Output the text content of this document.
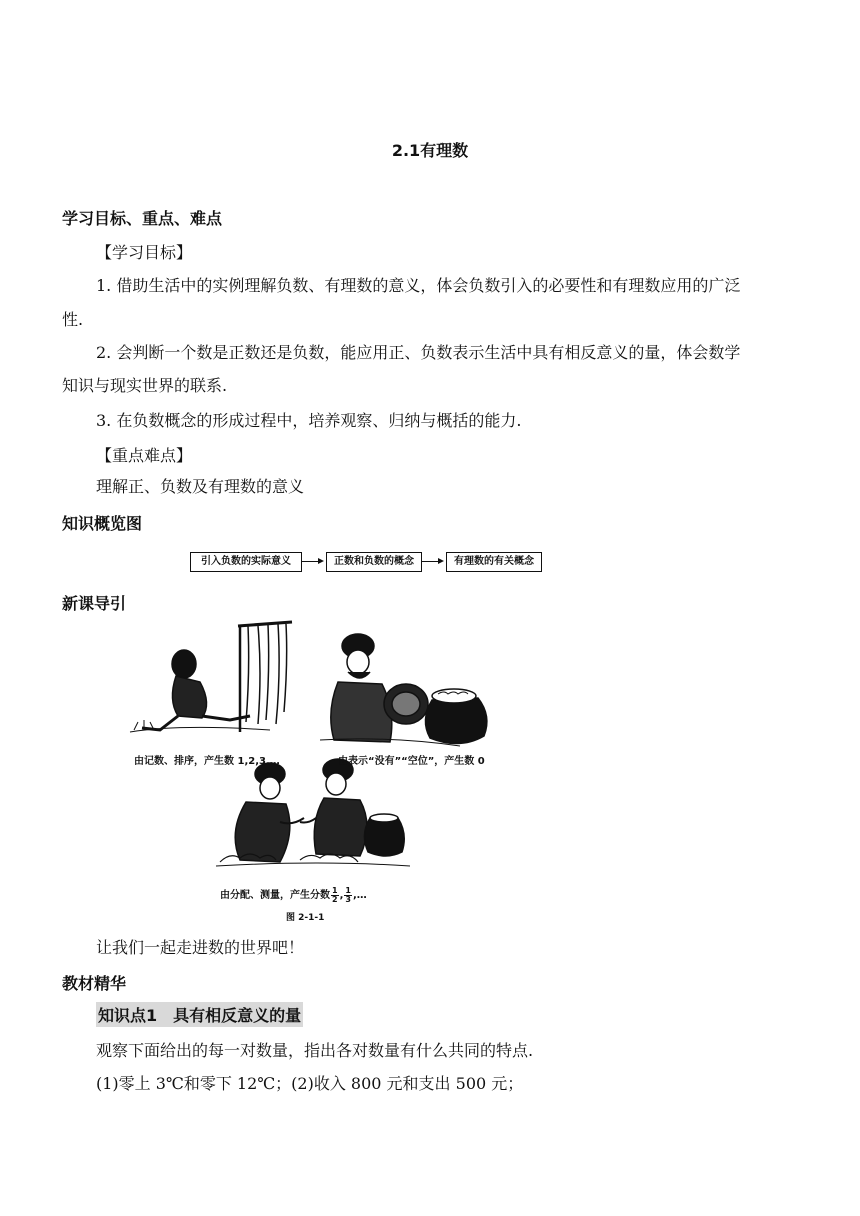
2.1有理数
学习目标、重点、难点
【学习目标】
1. 借助生活中的实例理解负数、有理数的意义，体会负数引入的必要性和有理数应用的广泛
性.
2. 会判断一个数是正数还是负数，能应用正、负数表示生活中具有相反意义的量，体会数学
知识与现实世界的联系.
3. 在负数概念的形成过程中，培养观察、归纳与概括的能力.
【重点难点】
理解正、负数及有理数的意义
知识概览图
引入负数的实际意义	正数和负数的概念	有理数的有关概念
新课导引
由记数、排序，产生数 1,2,3,…	由表示“没有”“空位”，产生数 0
由分配、测量，产生分数 $\frac{1}{2}$ , $\frac{1}{3}$ ,…
图 2-1-1
让我们一起走进数的世界吧！
教材精华
知识点1　具有相反意义的量
观察下面给出的每一对数量，指出各对数量有什么共同的特点.
(1)零上 3℃和零下 12℃；(2)收入 800 元和支出 500 元；
